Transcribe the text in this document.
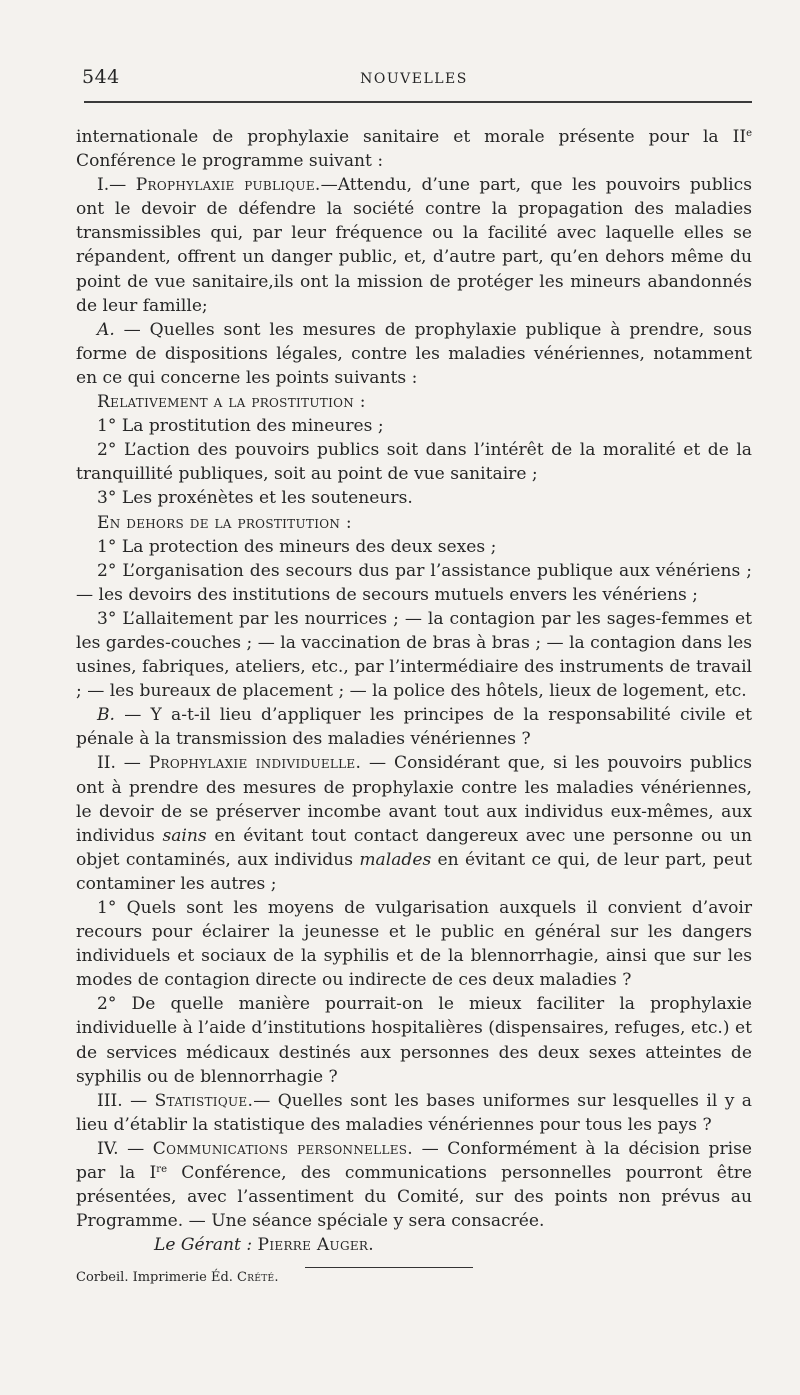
544	NOUVELLES

internationale de prophylaxie sanitaire et morale présente pour la IIe Conférence le programme suivant :

I.— Prophylaxie publique.—Attendu, d’une part, que les pouvoirs publics ont le devoir de défendre la société contre la propagation des maladies transmissibles qui, par leur fréquence ou la facilité avec laquelle elles se répandent, offrent un danger public, et, d’autre part, qu’en dehors même du point de vue sanitaire,ils ont la mission de protéger les mineurs abandonnés de leur famille;

A. — Quelles sont les mesures de prophylaxie publique à prendre, sous forme de dispositions légales, contre les maladies vénériennes, notamment en ce qui concerne les points suivants :

Relativement a la prostitution :

1° La prostitution des mineures ;

2° L’action des pouvoirs publics soit dans l’intérêt de la moralité et de la tranquillité publiques, soit au point de vue sanitaire ;

3° Les proxénètes et les souteneurs.

En dehors de la prostitution :

1° La protection des mineurs des deux sexes ;

2° L’organisation des secours dus par l’assistance publique aux vénériens ; — les devoirs des institutions de secours mutuels envers les vénériens ;

3° L’allaitement par les nourrices ; — la contagion par les sages-femmes et les gardes-couches ; — la vaccination de bras à bras ; — la contagion dans les usines, fabriques, ateliers, etc., par l’intermédiaire des instruments de travail ; — les bureaux de placement ; — la police des hôtels, lieux de logement, etc.

B. — Y a-t-il lieu d’appliquer les principes de la responsabilité civile et pénale à la transmission des maladies vénériennes ?

II. — Prophylaxie individuelle. — Considérant que, si les pouvoirs publics ont à prendre des mesures de prophylaxie contre les maladies vénériennes, le devoir de se préserver incombe avant tout aux individus eux-mêmes, aux individus sains en évitant tout contact dangereux avec une personne ou un objet contaminés, aux individus malades en évitant ce qui, de leur part, peut contaminer les autres ;

1° Quels sont les moyens de vulgarisation auxquels il convient d’avoir recours pour éclairer la jeunesse et le public en général sur les dangers individuels et sociaux de la syphilis et de la blennorrhagie, ainsi que sur les modes de contagion directe ou indirecte de ces deux maladies ?

2° De quelle manière pourrait-on le mieux faciliter la prophylaxie individuelle à l’aide d’institutions hospitalières (dispensaires, refuges, etc.) et de services médicaux destinés aux personnes des deux sexes atteintes de syphilis ou de blennorrhagie ?

III. — Statistique.— Quelles sont les bases uniformes sur lesquelles il y a lieu d’établir la statistique des maladies vénériennes pour tous les pays ?

IV. — Communications personnelles. — Conformément à la décision prise par la Ire Conférence, des communications personnelles pourront être présentées, avec l’assentiment du Comité, sur des points non prévus au Programme. — Une séance spéciale y sera consacrée.

Le Gérant : Pierre Auger.

Corbeil. Imprimerie Éd. Crété.
